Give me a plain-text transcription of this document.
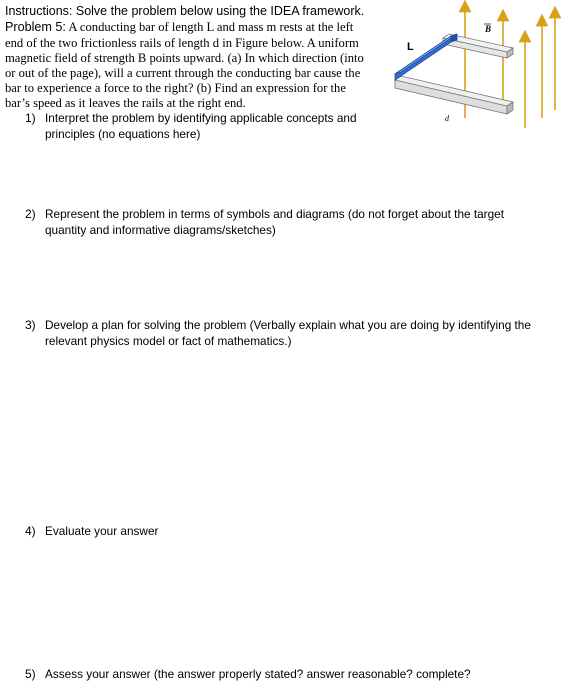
Instructions: Solve the problem below using the IDEA framework.
Problem 5: A conducting bar of length L and mass m rests at the left
end of the two frictionless rails of length d in Figure below. A uniform
magnetic field of strength B points upward. (a) In which direction (into
or out of the page), will a current through the conducting bar cause the
bar to experience a force to the right? (b) Find an expression for the
bar’s speed as it leaves the rails at the right end.
1) Interpret the problem by identifying applicable concepts and
principles (no equations here)
2) Represent the problem in terms of symbols and diagrams (do not forget about the target
quantity and informative diagrams/sketches)
3) Develop a plan for solving the problem (Verbally explain what you are doing by identifying the
relevant physics model or fact of mathematics.)
4) Evaluate your answer
5) Assess your answer (the answer properly stated? answer reasonable? complete?
L
B
d
